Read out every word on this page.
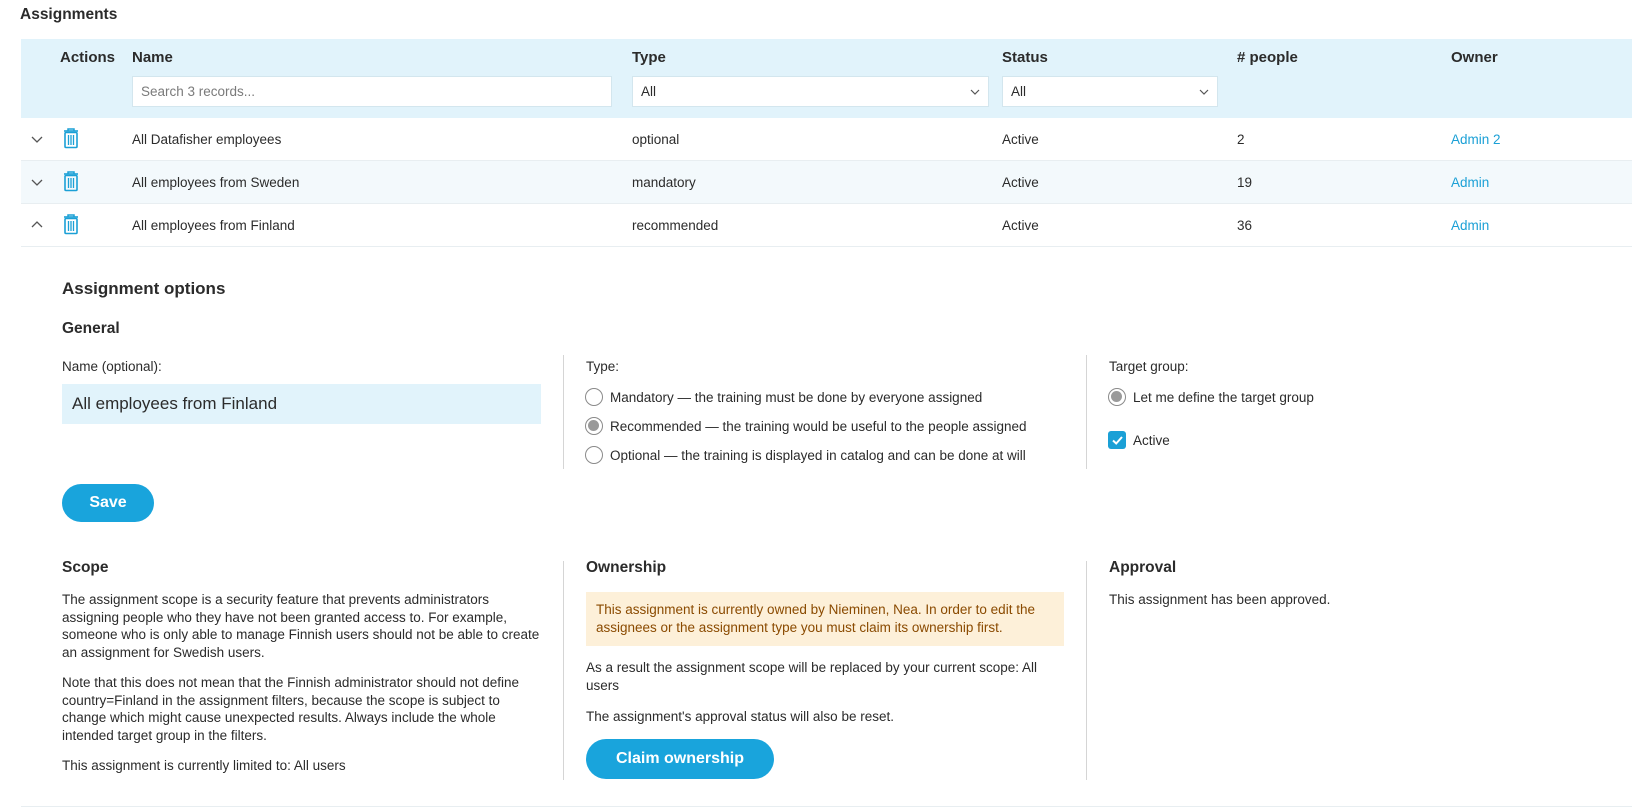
Assignments
Actions Name	Type	Status	# people	Owner
Search 3 records...
All	All
All Datafisher employees	optional	Active	2	Admin 2
All employees from Sweden	mandatory	Active	19	Admin
All employees from Finland	recommended	Active	36	Admin
Assignment options
General
Name (optional):
All employees from Finland	Type:
Mandatory — the training must be done by everyone assigned
Recommended — the training would be useful to the people assigned
Optional — the training is displayed in catalog and can be done at will
Target group:
Let me define the target group
Active
Save
Scope
The assignment scope is a security feature that prevents administrators assigning people who they have not been granted access to. For example, someone who is only able to manage Finnish users should not be able to create an assignment for Swedish users.
Note that this does not mean that the Finnish administrator should not define country=Finland in the assignment filters, because the scope is subject to change which might cause unexpected results. Always include the whole intended target group in the filters.
This assignment is currently limited to: All users
Ownership
This assignment is currently owned by Nieminen, Nea. In order to edit the assignees or the assignment type you must claim its ownership first.
As a result the assignment scope will be replaced by your current scope: All users
The assignment's approval status will also be reset.
Claim ownership
Approval
This assignment has been approved.
